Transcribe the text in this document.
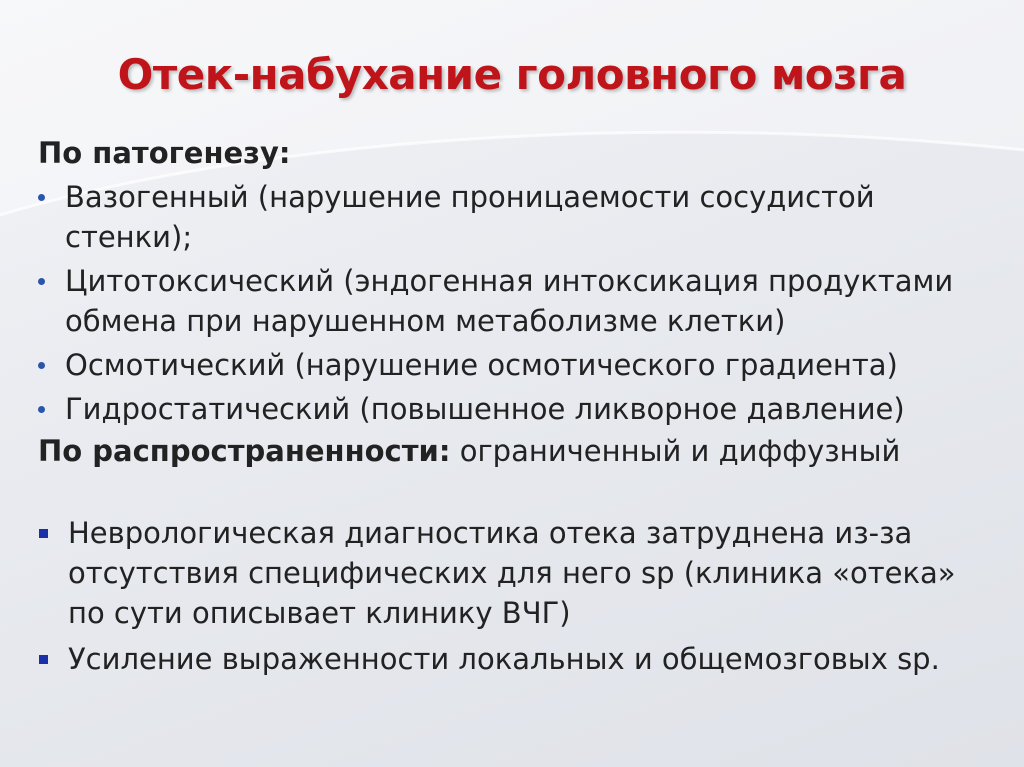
Отек-набухание головного мозга
По патогенезу:
Вазогенный (нарушение проницаемости сосудистой стенки);
Цитотоксический (эндогенная интоксикация продуктами обмена при нарушенном метаболизме клетки)
Осмотический (нарушение осмотического градиента)
Гидростатический (повышенное ликворное давление)
По распространенности: ограниченный и диффузный
Неврологическая диагностика отека затруднена из-за отсутствия специфических для него sp (клиника «отека» по сути описывает клинику ВЧГ)
Усиление выраженности локальных и общемозговых sp.
